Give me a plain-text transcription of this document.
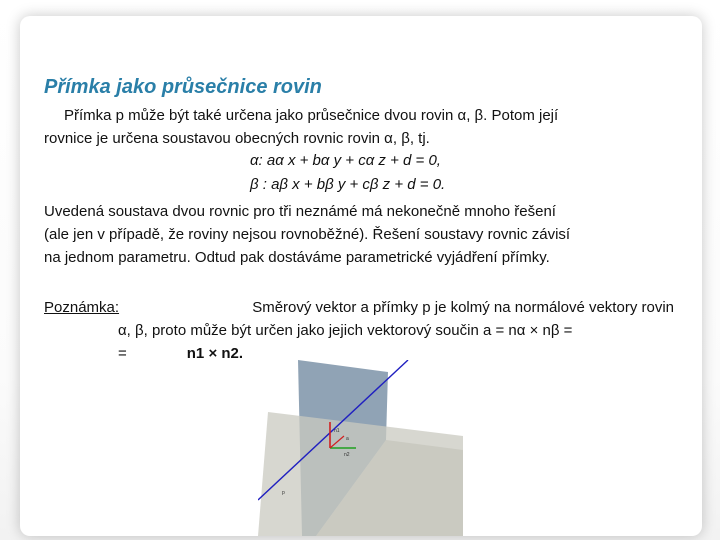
Přímka jako průsečnice rovin
Přímka p může být také určena jako průsečnice dvou rovin α, β. Potom její
rovnice je určena soustavou obecných rovnic rovin α, β, tj.
α: aα x + bα y + cα z + d = 0,
β : aβ x + bβ y + cβ z + d = 0.
Uvedená soustava dvou rovnic pro tři neznámé má nekonečně mnoho řešení
(ale jen v případě, že roviny nejsou rovnoběžné). Řešení soustavy rovnic závisí
na jednom parametru. Odtud pak dostáváme parametrické vyjádření přímky.
Poznámka:	Směrový vektor a přímky p je kolmý na normálové vektory rovin
α, β, proto může být určen jako jejich vektorový součin a = nα × nβ =
=	n1 × n2.
n1
n2
a
p
